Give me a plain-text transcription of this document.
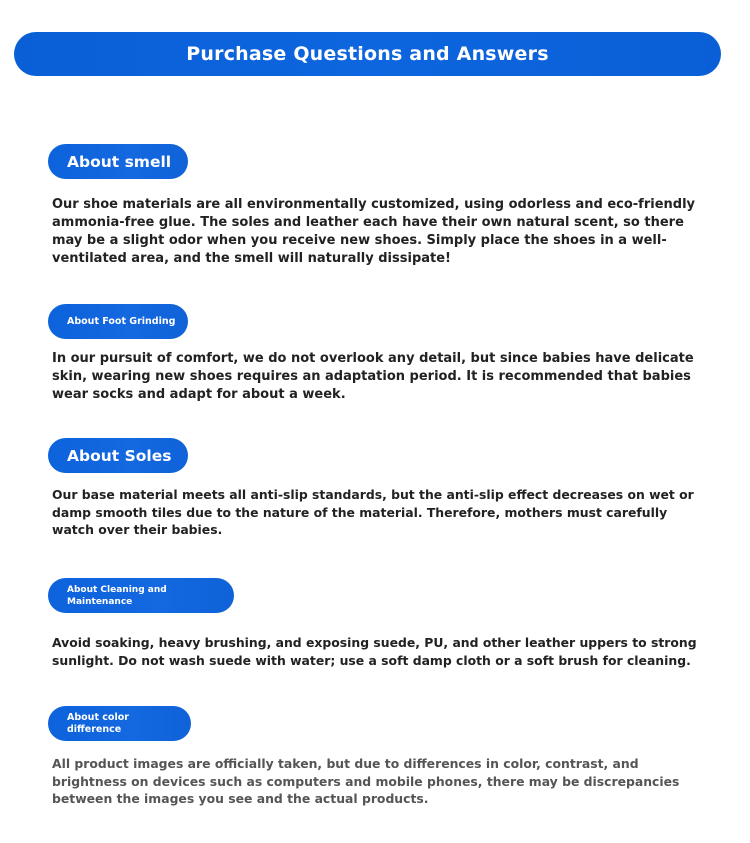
Purchase Questions and Answers
About smell
Our shoe materials are all environmentally customized, using odorless and eco-friendly ammonia-free glue. The soles and leather each have their own natural scent, so there may be a slight odor when you receive new shoes. Simply place the shoes in a well-ventilated area, and the smell will naturally dissipate!
About Foot Grinding
In our pursuit of comfort, we do not overlook any detail, but since babies have delicate skin, wearing new shoes requires an adaptation period. It is recommended that babies wear socks and adapt for about a week.
About Soles
Our base material meets all anti-slip standards, but the anti-slip effect decreases on wet or damp smooth tiles due to the nature of the material. Therefore, mothers must carefully watch over their babies.
About Cleaning and Maintenance
Avoid soaking, heavy brushing, and exposing suede, PU, and other leather uppers to strong sunlight. Do not wash suede with water; use a soft damp cloth or a soft brush for cleaning.
About color difference
All product images are officially taken, but due to differences in color, contrast, and brightness on devices such as computers and mobile phones, there may be discrepancies between the images you see and the actual products.
